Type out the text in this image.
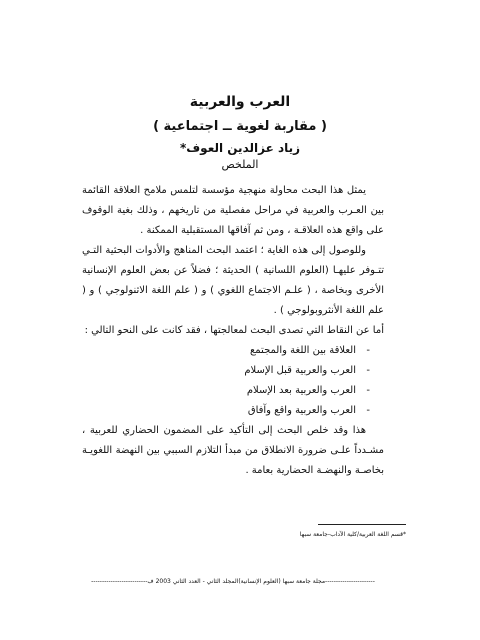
العرب والعربية
( مقاربة لغوية ــ اجتماعية )
زياد عزالدين العوف*
الملخص

يمثل هذا البحث محاولة منهجية مؤسسة لتلمس ملامح العلاقة القائمة بين العـرب والعربية في مراحل مفصلية من تاريخهم ، وذلك بغية الوقوف على واقع هذه العلاقـة ، ومن ثم آفاقها المستقبلية الممكنة .

وللوصول إلى هذه الغاية ؛ اعتمد البحث المناهج والأدوات البحثية التـي تتـوفر عليهـا (العلوم اللسانية ) الحديثة ؛ فضلاً عن بعض العلوم الإنسانية الأخرى وبخاصة ، ( علـم الاجتماع اللغوي ) و ( علم اللغة الاثنولوجي ) و ( علم اللغة الأنثروبولوجي ) .

أما عن النقاط التي تصدى البحث لمعالجتها ، فقد كانت على النحو التالي :

-
العلاقة بين اللغة والمجتمع
-
العرب والعربية قبل الإسلام
-
العرب والعربية بعد الإسلام
-
العرب والعربية واقع وآفاق

هذا وقد خلص البحث إلى التأكيد على المضمون الحضاري للعربية ، مشـدداً علـى ضرورة الانطلاق من مبدأ التلازم السببي بين النهضة اللغويـة بخاصـة والنهضـة الحضارية بعامة .

*قسم اللغة العربية/كلية الآداب-جامعة سبها
-----------------------مجلة جامعة سبها (العلوم الإنسانية)المجلد الثاني - العدد الثاني 2003 ف--------------------------
